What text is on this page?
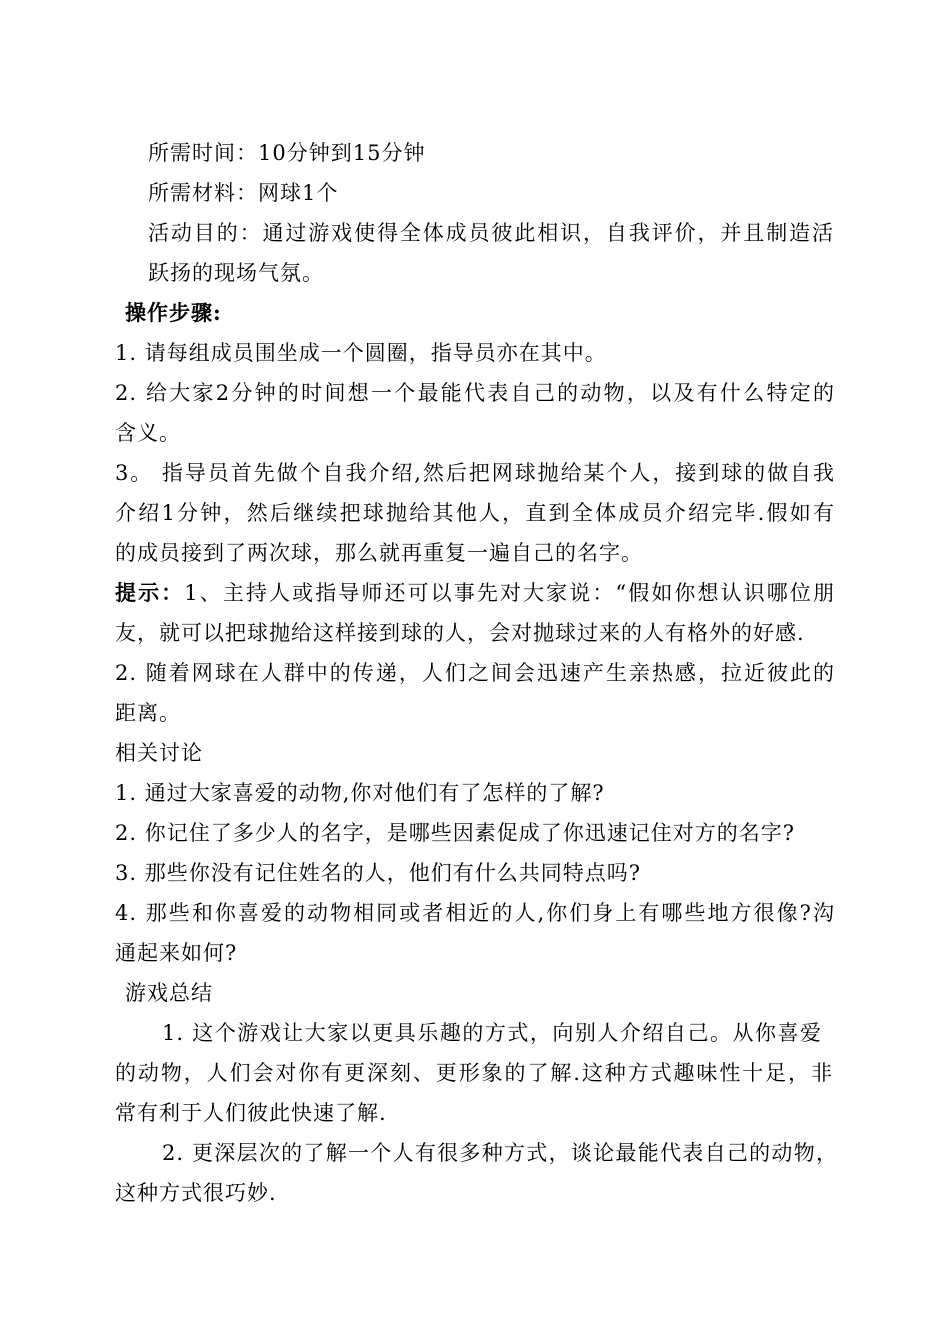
所需时间：10分钟到15分钟
所需材料：网球1个
活动目的：通过游戏使得全体成员彼此相识，自我评价，并且制造活
跃扬的现场气氛。
操作步骤:
1. 请每组成员围坐成一个圆圈，指导员亦在其中。
2. 给大家2分钟的时间想一个最能代表自己的动物，以及有什么特定的
含义。
3。 指导员首先做个自我介绍,然后把网球抛给某个人，接到球的做自我
介绍1分钟，然后继续把球抛给其他人，直到全体成员介绍完毕.假如有
的成员接到了两次球，那么就再重复一遍自己的名字。
提示：1、主持人或指导师还可以事先对大家说：“假如你想认识哪位朋
友，就可以把球抛给这样接到球的人，会对抛球过来的人有格外的好感.
2. 随着网球在人群中的传递，人们之间会迅速产生亲热感，拉近彼此的
距离。
相关讨论
1. 通过大家喜爱的动物,你对他们有了怎样的了解?
2. 你记住了多少人的名字，是哪些因素促成了你迅速记住对方的名字?
3. 那些你没有记住姓名的人，他们有什么共同特点吗?
4. 那些和你喜爱的动物相同或者相近的人,你们身上有哪些地方很像?沟
通起来如何?
游戏总结
1. 这个游戏让大家以更具乐趣的方式，向别人介绍自己。从你喜爱
的动物，人们会对你有更深刻、更形象的了解.这种方式趣味性十足，非
常有利于人们彼此快速了解.
2. 更深层次的了解一个人有很多种方式，谈论最能代表自己的动物，
这种方式很巧妙.
